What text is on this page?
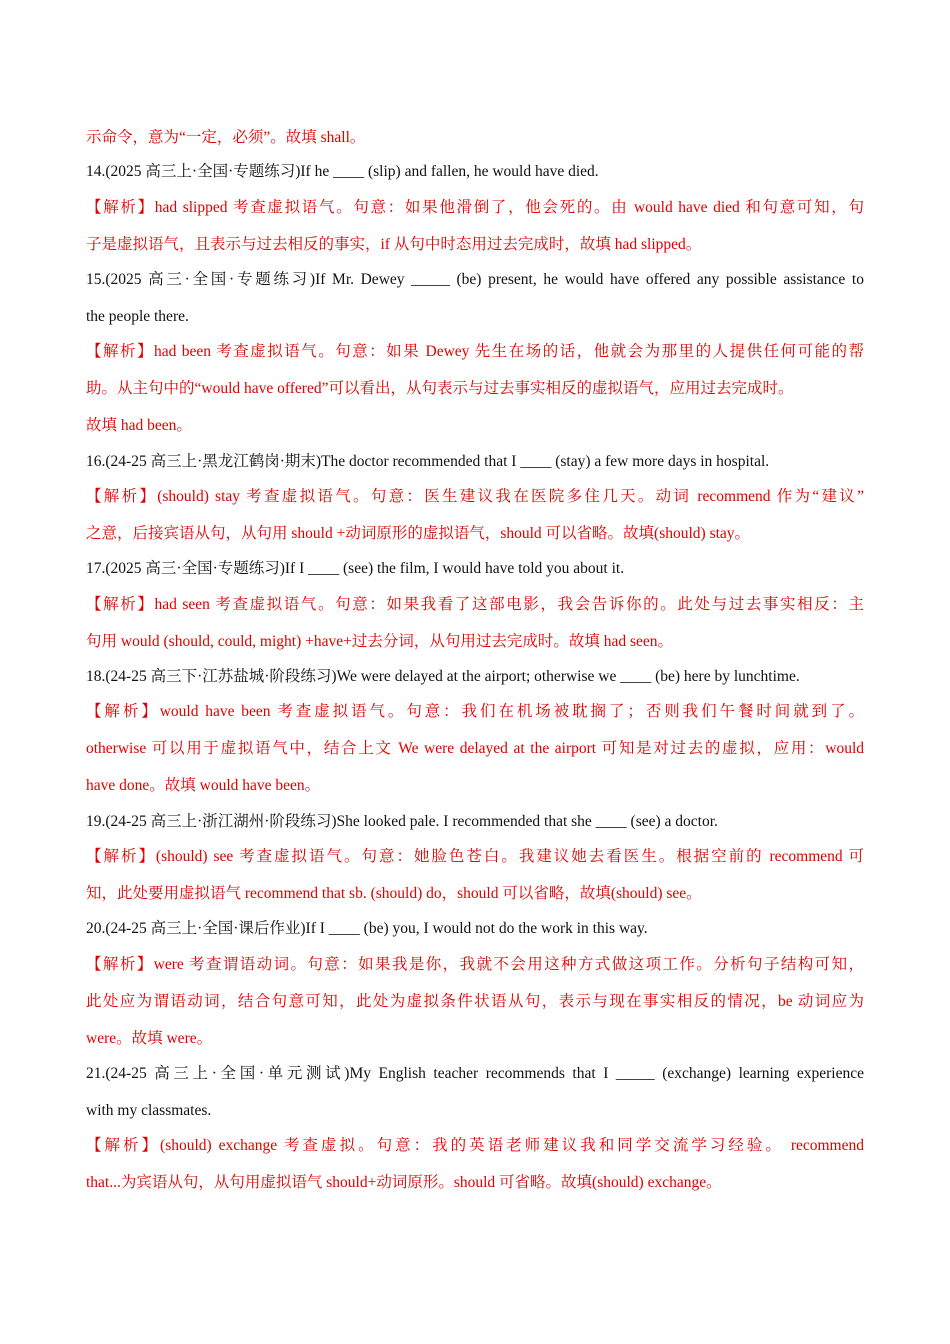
示命令，意为“一定，必须”。故填 shall。
14.(2025 高三上·全国·专题练习)If he ____ (slip) and fallen, he would have died.
【解析】had slipped 考查虚拟语气。句意：如果他滑倒了，他会死的。由 would have died 和句意可知，句
子是虚拟语气，且表示与过去相反的事实，if 从句中时态用过去完成时，故填 had slipped。
15.(2025 高三·全国·专题练习)If Mr. Dewey _____ (be) present, he would have offered any possible assistance to
the people there.
【解析】had been 考查虚拟语气。句意：如果 Dewey 先生在场的话，他就会为那里的人提供任何可能的帮
助。从主句中的“would have offered”可以看出，从句表示与过去事实相反的虚拟语气，应用过去完成时。
故填 had been。
16.(24-25 高三上·黑龙江鹤岗·期末)The doctor recommended that I ____ (stay) a few more days in hospital.
【解析】(should) stay 考查虚拟语气。句意：医生建议我在医院多住几天。动词 recommend 作为“建议”
之意，后接宾语从句，从句用 should +动词原形的虚拟语气，should 可以省略。故填(should) stay。
17.(2025 高三·全国·专题练习)If I ____ (see) the film, I would have told you about it.
【解析】had seen 考查虚拟语气。句意：如果我看了这部电影，我会告诉你的。此处与过去事实相反：主
句用 would (should, could, might) +have+过去分词，从句用过去完成时。故填 had seen。
18.(24-25 高三下·江苏盐城·阶段练习)We were delayed at the airport; otherwise we ____ (be) here by lunchtime.
【解析】would have been 考查虚拟语气。句意：我们在机场被耽搁了；否则我们午餐时间就到了。
otherwise 可以用于虚拟语气中，结合上文 We were delayed at the airport 可知是对过去的虚拟，应用：would
have done。故填 would have been。
19.(24-25 高三上·浙江湖州·阶段练习)She looked pale. I recommended that she ____ (see) a doctor.
【解析】(should) see 考查虚拟语气。句意：她脸色苍白。我建议她去看医生。根据空前的 recommend 可
知，此处要用虚拟语气 recommend that sb. (should) do，should 可以省略，故填(should) see。
20.(24-25 高三上·全国·课后作业)If I ____ (be) you, I would not do the work in this way.
【解析】were 考查谓语动词。句意：如果我是你，我就不会用这种方式做这项工作。分析句子结构可知，
此处应为谓语动词，结合句意可知，此处为虚拟条件状语从句，表示与现在事实相反的情况，be 动词应为
were。故填 were。
21.(24-25 高三上·全国·单元测试)My English teacher recommends that I _____ (exchange) learning experience
with my classmates.
【解析】(should) exchange 考查虚拟。句意：我的英语老师建议我和同学交流学习经验。 recommend
that...为宾语从句，从句用虚拟语气 should+动词原形。should 可省略。故填(should) exchange。
